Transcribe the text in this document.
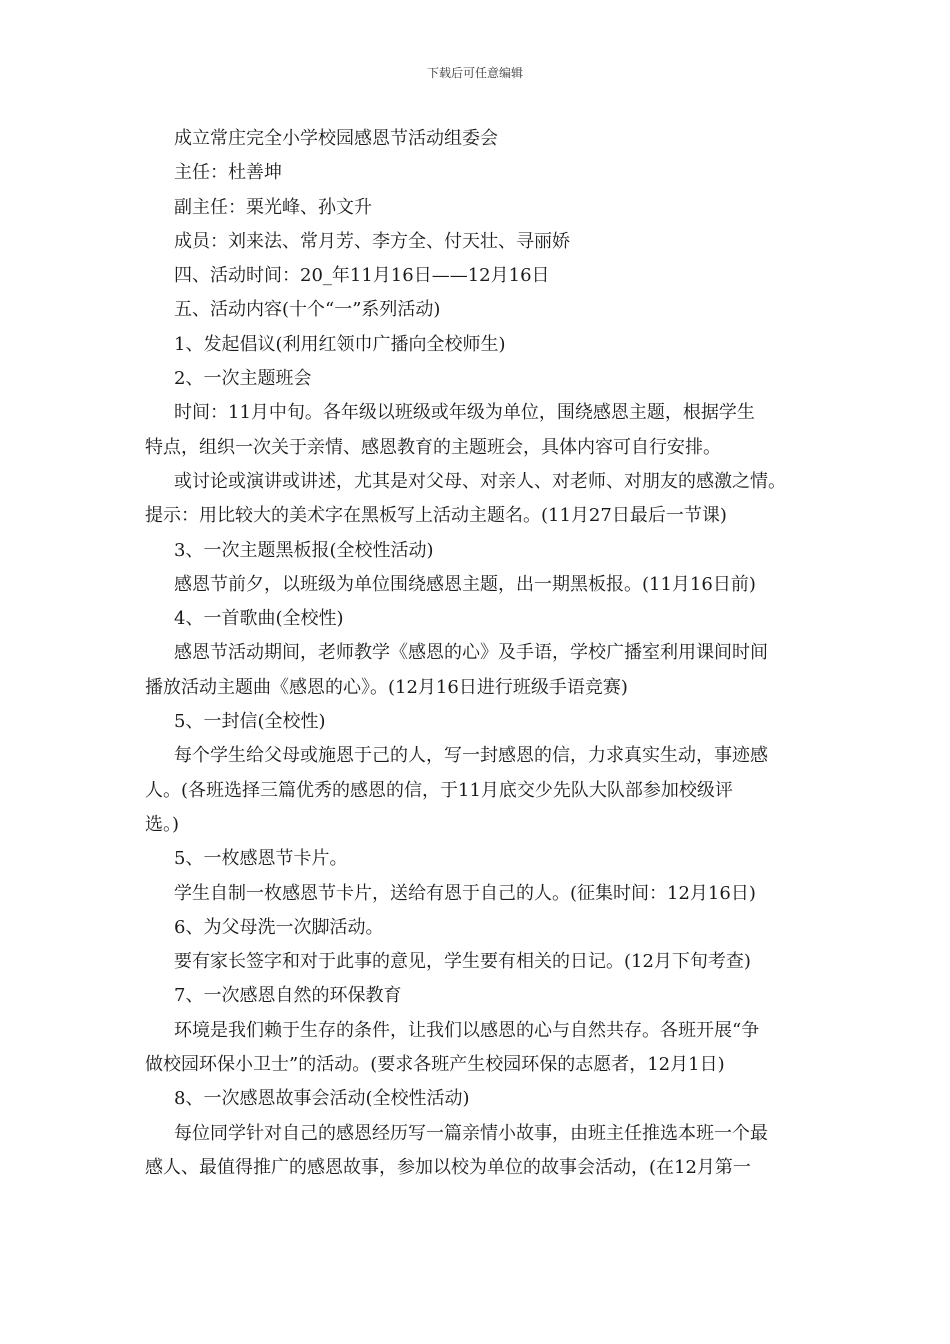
下载后可任意编辑
成立常庄完全小学校园感恩节活动组委会
主任：杜善坤
副主任：栗光峰、孙文升
成员：刘来法、常月芳、李方全、付天壮、寻丽娇
四、活动时间：20_年11月16日——12月16日
五、活动内容(十个“一”系列活动)
1、发起倡议(利用红领巾广播向全校师生)
2、一次主题班会
时间：11月中旬。各年级以班级或年级为单位，围绕感恩主题，根据学生
特点，组织一次关于亲情、感恩教育的主题班会，具体内容可自行安排。
或讨论或演讲或讲述，尤其是对父母、对亲人、对老师、对朋友的感激之情。
提示：用比较大的美术字在黑板写上活动主题名。(11月27日最后一节课)
3、一次主题黑板报(全校性活动)
感恩节前夕，以班级为单位围绕感恩主题，出一期黑板报。(11月16日前)
4、一首歌曲(全校性)
感恩节活动期间，老师教学《感恩的心》及手语，学校广播室利用课间时间
播放活动主题曲《感恩的心》。(12月16日进行班级手语竞赛)
5、一封信(全校性)
每个学生给父母或施恩于己的人，写一封感恩的信，力求真实生动，事迹感
人。(各班选择三篇优秀的感恩的信，于11月底交少先队大队部参加校级评
选。)
5、一枚感恩节卡片。
学生自制一枚感恩节卡片，送给有恩于自己的人。(征集时间：12月16日)
6、为父母洗一次脚活动。
要有家长签字和对于此事的意见，学生要有相关的日记。(12月下旬考查)
7、一次感恩自然的环保教育
环境是我们赖于生存的条件，让我们以感恩的心与自然共存。各班开展“争
做校园环保小卫士”的活动。(要求各班产生校园环保的志愿者，12月1日)
8、一次感恩故事会活动(全校性活动)
每位同学针对自己的感恩经历写一篇亲情小故事，由班主任推选本班一个最
感人、最值得推广的感恩故事，参加以校为单位的故事会活动，(在12月第一
